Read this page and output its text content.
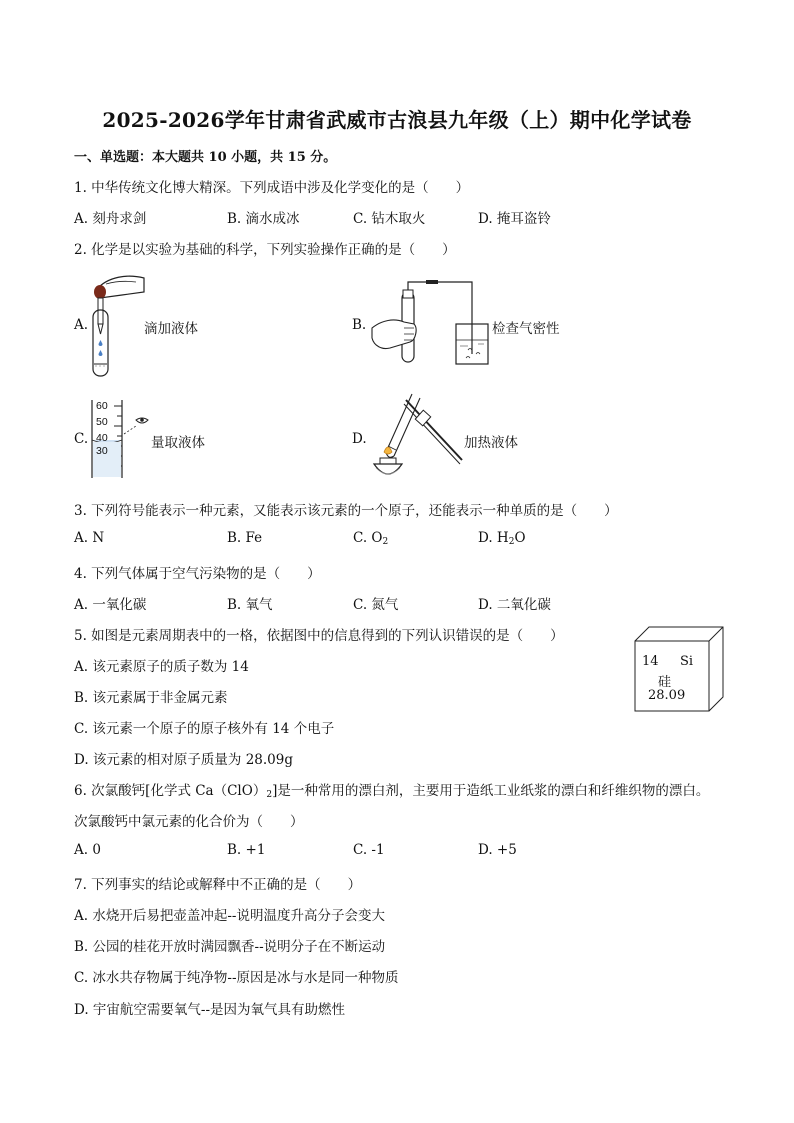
2025-2026学年甘肃省武威市古浪县九年级（上）期中化学试卷
一、单选题：本大题共 10 小题，共 15 分。
1. 中华传统文化博大精深。下列成语中涉及化学变化的是（　　）
A. 刻舟求剑	B. 滴水成冰	C. 钻木取火	D. 掩耳盗铃
2. 化学是以实验为基础的科学，下列实验操作正确的是（　　）
A.	滴加液体	B.	检查气密性
C.
60
50
40
30	量取液体	D.	加热液体
3. 下列符号能表示一种元素，又能表示该元素的一个原子，还能表示一种单质的是（　　）
A. N	B. Fe	C. $O_2$	D. $H_2O$
4. 下列气体属于空气污染物的是（　　）
A. 一氧化碳	B. 氧气	C. 氮气	D. 二氧化碳
5. 如图是元素周期表中的一格，依据图中的信息得到的下列认识错误的是（　　）
A. 该元素原子的质子数为 14
B. 该元素属于非金属元素
C. 该元素一个原子的原子核外有 14 个电子
D. 该元素的相对原子质量为 28.09g
14 Si
硅
28.09
6. 次氯酸钙[化学式 $Ca(ClO)_2$]是一种常用的漂白剂，主要用于造纸工业纸浆的漂白和纤维织物的漂白。
次氯酸钙中氯元素的化合价为（　　）
A. 0	B. +1	C. -1	D. +5
7. 下列事实的结论或解释中不正确的是（　　）
A. 水烧开后易把壶盖冲起--说明温度升高分子会变大
B. 公园的桂花开放时满园飘香--说明分子在不断运动
C. 冰水共存物属于纯净物--原因是冰与水是同一种物质
D. 宇宙航空需要氧气--是因为氧气具有助燃性
